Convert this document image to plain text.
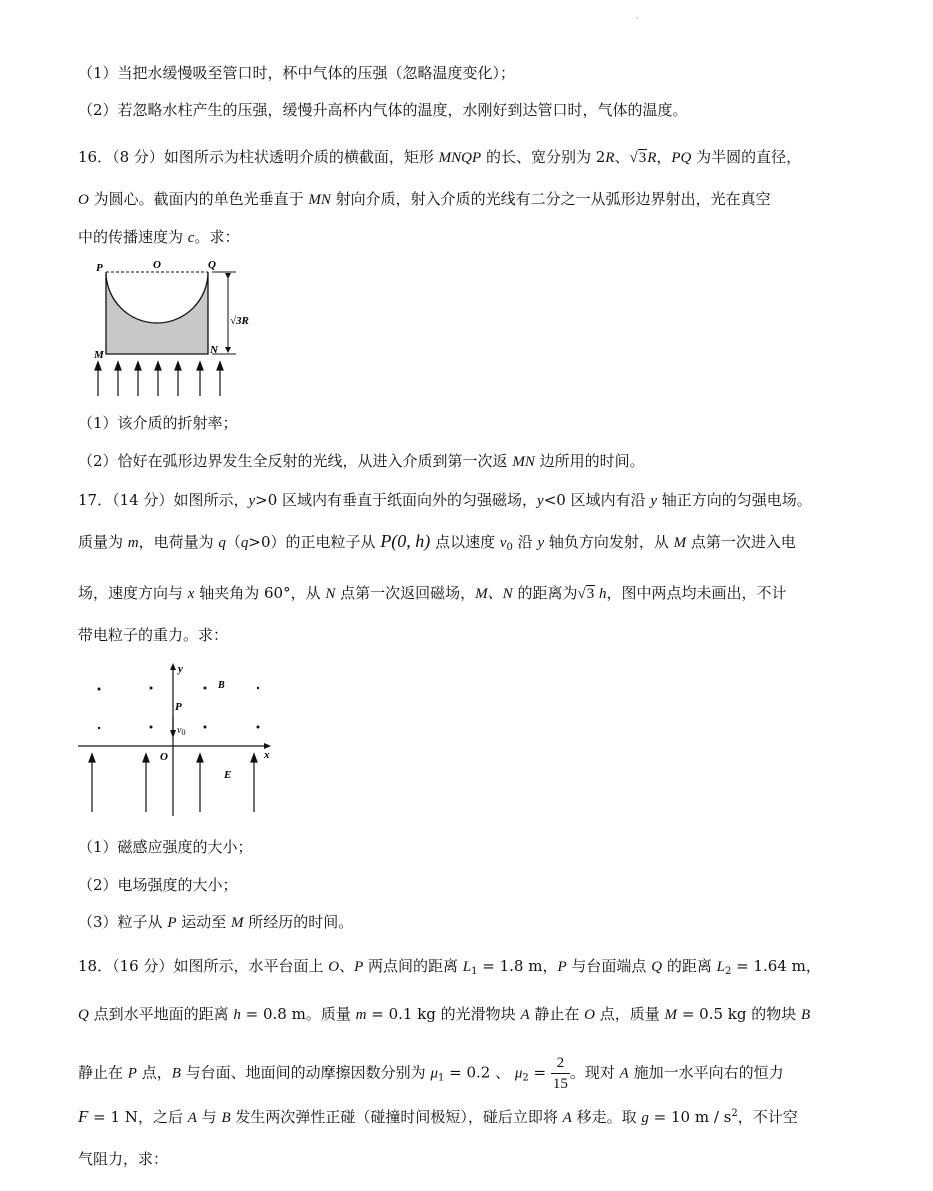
·
（1）当把水缓慢吸至管口时，杯中气体的压强（忽略温度变化）；
（2）若忽略水柱产生的压强，缓慢升高杯内气体的温度，水刚好到达管口时，气体的温度。
16．（8 分）如图所示为柱状透明介质的横截面，矩形 MNQP 的长、宽分别为 2R、√3R，PQ 为半圆的直径，
O 为圆心。截面内的单色光垂直于 MN 射向介质，射入介质的光线有二分之一从弧形边界射出，光在真空
中的传播速度为 c。求：
P	O	Q
M	N
√3R
（1）该介质的折射率；
（2）恰好在弧形边界发生全反射的光线，从进入介质到第一次返 MN 边所用的时间。
17．（14 分）如图所示，y>0 区域内有垂直于纸面向外的匀强磁场，y<0 区域内有沿 y 轴正方向的匀强电场。
质量为 m，电荷量为 q（q>0）的正电粒子从 P(0, h) 点以速度 $v_0$ 沿 y 轴负方向发射，从 M 点第一次进入电
场，速度方向与 x 轴夹角为 60°，从 N 点第一次返回磁场，M、N 的距离为√3 h，图中两点均未画出，不计
带电粒子的重力。求：
y
x
B
P
$v_0$
O
E
（1）磁感应强度的大小；
（2）电场强度的大小；
（3）粒子从 P 运动至 M 所经历的时间。
18．（16 分）如图所示，水平台面上 O、P 两点间的距离 $L_1 = 1.8$ m，P 与台面端点 Q 的距离 $L_2 = 1.64$ m，
Q 点到水平地面的距离 h = 0.8 m。质量 m = 0.1 kg 的光滑物块 A 静止在 O 点，质量 M = 0.5 kg 的物块 B
静止在 P 点，B 与台面、地面间的动摩擦因数分别为 $\mu_1 = 0.2$ 、 $\mu_2 = \frac{2}{15}$ 。现对 A 施加一水平向右的恒力
F = 1 N，之后 A 与 B 发生两次弹性正碰（碰撞时间极短），碰后立即将 A 移走。取 g = 10 m / $s^2$，不计空
气阻力，求：
